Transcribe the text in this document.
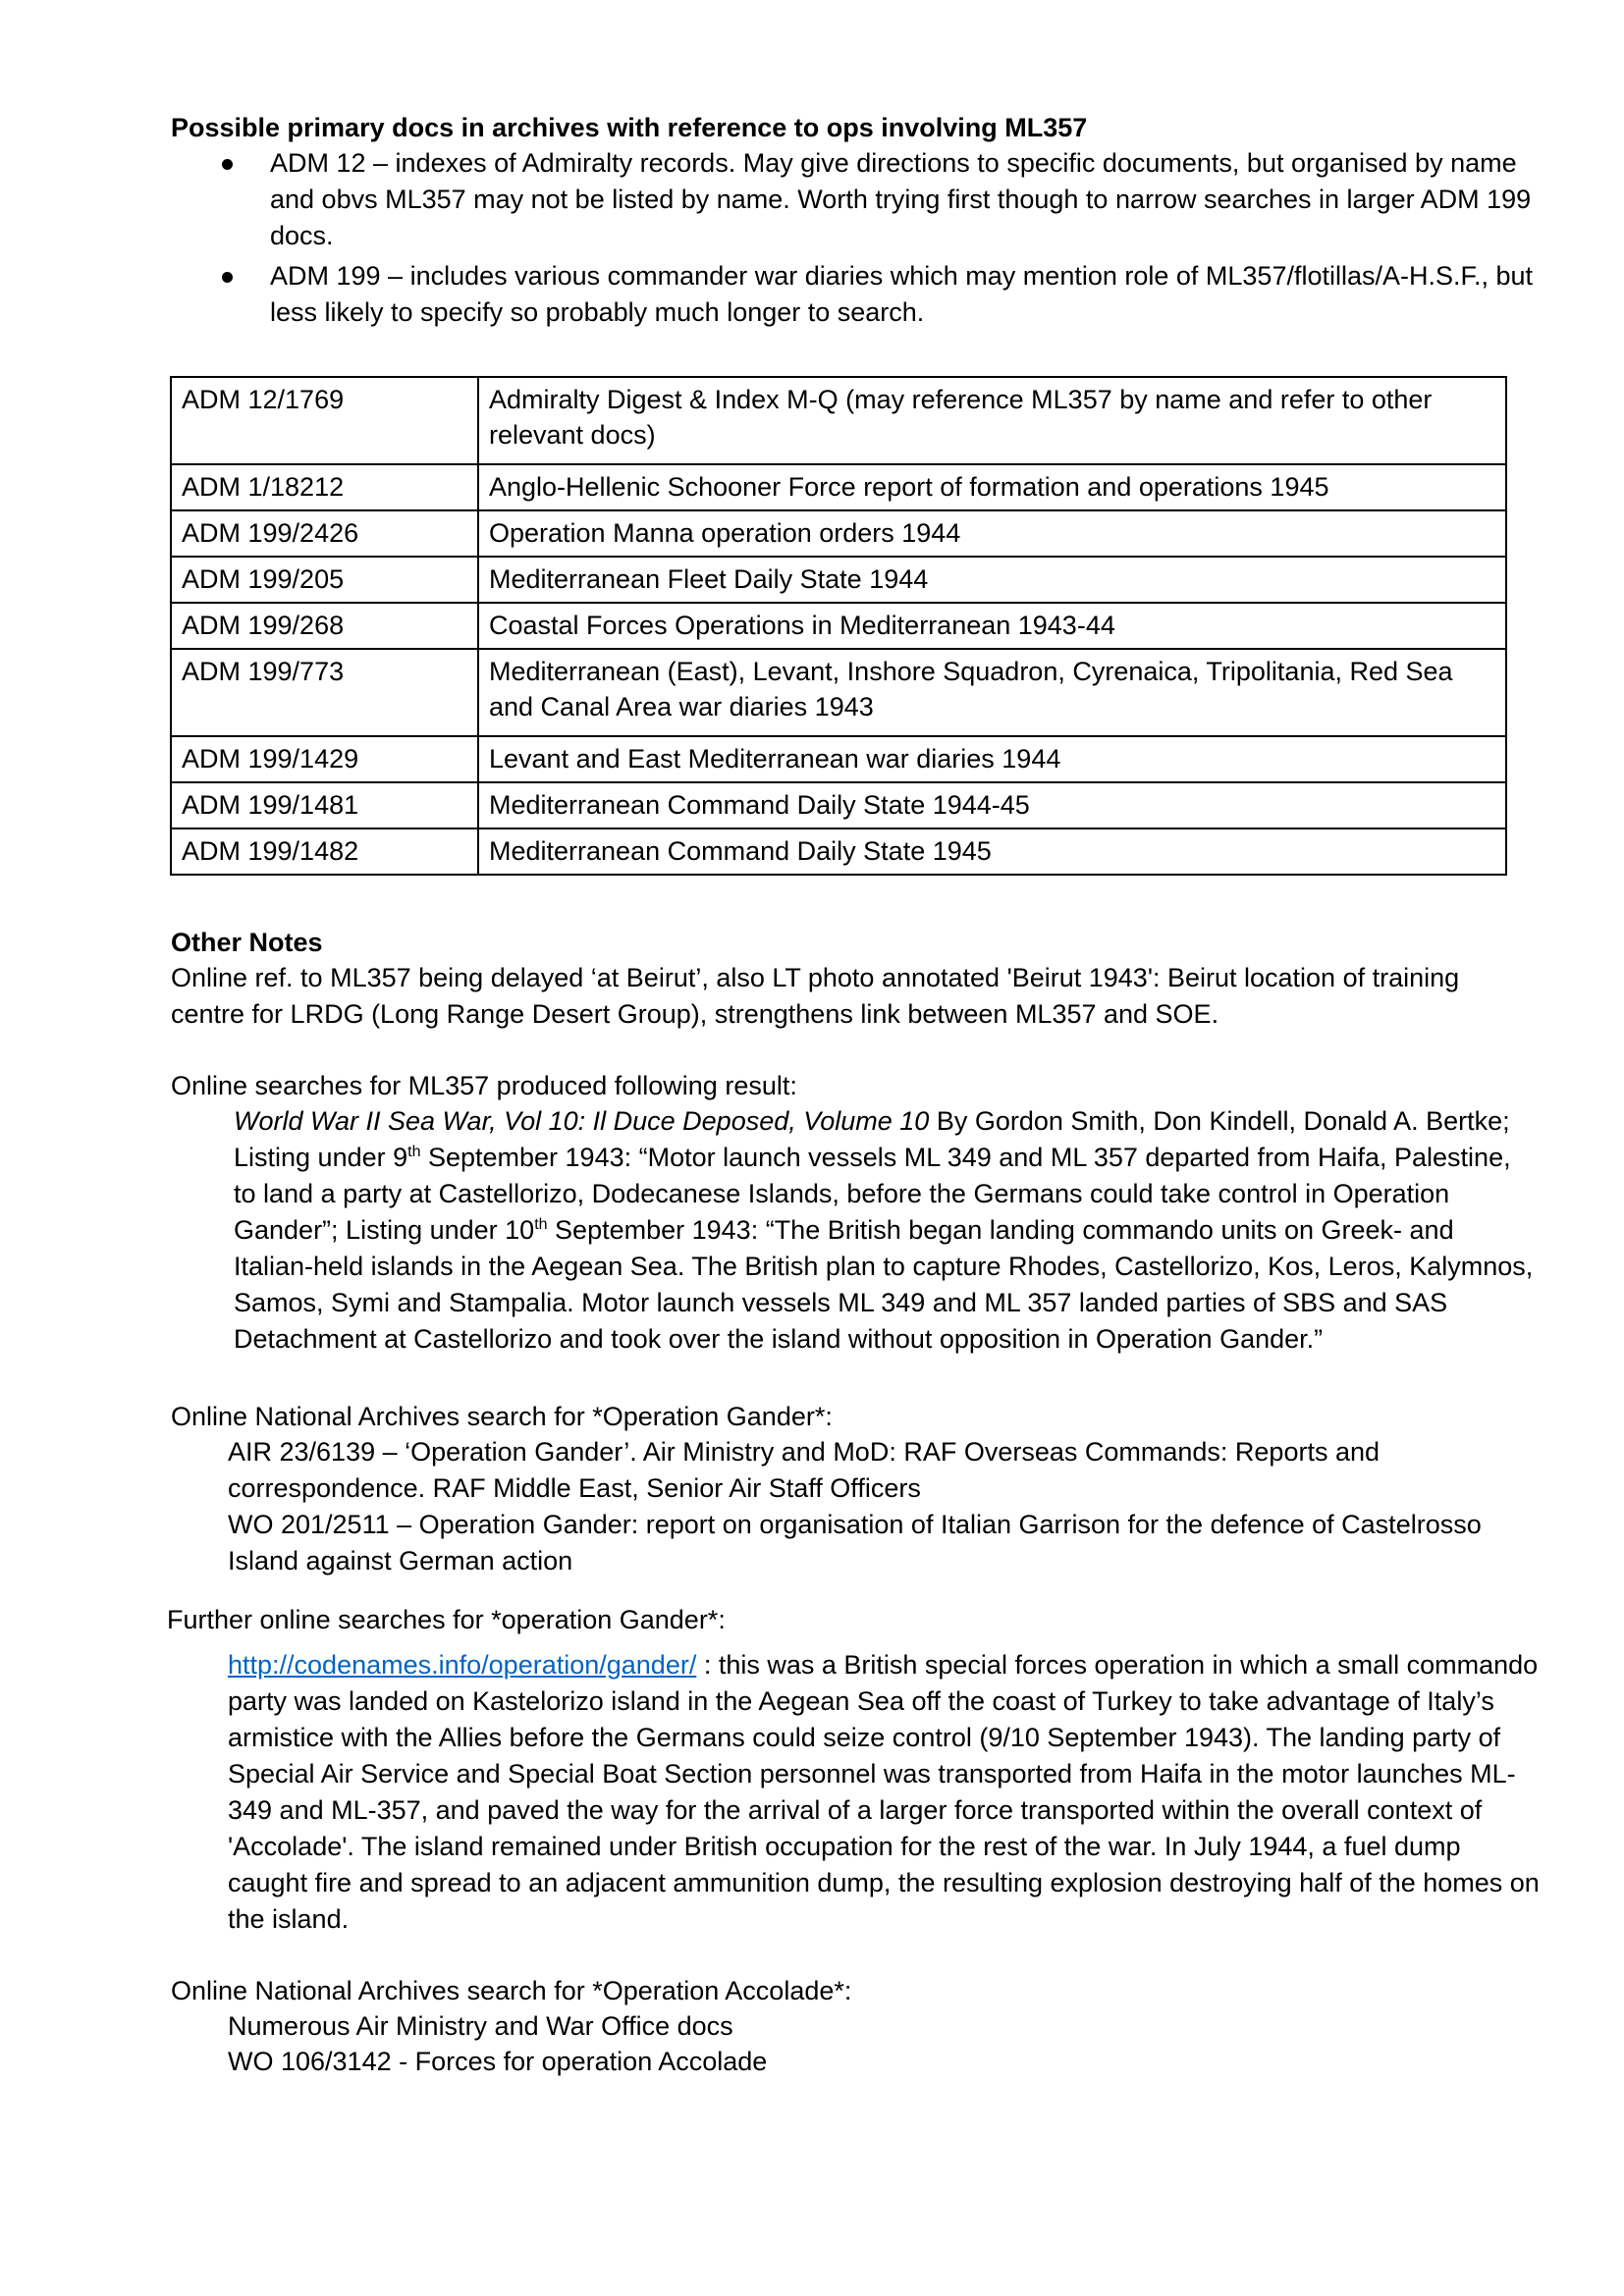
Possible primary docs in archives with reference to ops involving ML357
ADM 12 – indexes of Admiralty records. May give directions to specific documents, but organised by name and obvs ML357 may not be listed by name. Worth trying first though to narrow searches in larger ADM 199 docs.
ADM 199 – includes various commander war diaries which may mention role of ML357/flotillas/A-H.S.F., but less likely to specify so probably much longer to search.
ADM 12/1769	Admiralty Digest & Index M-Q (may reference ML357 by name and refer to other relevant docs)
ADM 1/18212	Anglo-Hellenic Schooner Force report of formation and operations 1945
ADM 199/2426	Operation Manna operation orders 1944
ADM 199/205	Mediterranean Fleet Daily State 1944
ADM 199/268	Coastal Forces Operations in Mediterranean 1943-44
ADM 199/773	Mediterranean (East), Levant, Inshore Squadron, Cyrenaica, Tripolitania, Red Sea and Canal Area war diaries 1943
ADM 199/1429	Levant and East Mediterranean war diaries 1944
ADM 199/1481	Mediterranean Command Daily State 1944-45
ADM 199/1482	Mediterranean Command Daily State 1945
Other Notes
Online ref. to ML357 being delayed ‘at Beirut’, also LT photo annotated 'Beirut 1943': Beirut location of training centre for LRDG (Long Range Desert Group), strengthens link between ML357 and SOE.
Online searches for ML357 produced following result:
World War II Sea War, Vol 10: Il Duce Deposed, Volume 10 By Gordon Smith, Don Kindell, Donald A. Bertke; Listing under 9th September 1943: “Motor launch vessels ML 349 and ML 357 departed from Haifa, Palestine, to land a party at Castellorizo, Dodecanese Islands, before the Germans could take control in Operation Gander”; Listing under 10th September 1943: “The British began landing commando units on Greek- and Italian-held islands in the Aegean Sea. The British plan to capture Rhodes, Castellorizo, Kos, Leros, Kalymnos, Samos, Symi and Stampalia. Motor launch vessels ML 349 and ML 357 landed parties of SBS and SAS Detachment at Castellorizo and took over the island without opposition in Operation Gander.”
Online National Archives search for *Operation Gander*:
AIR 23/6139 – ‘Operation Gander’. Air Ministry and MoD: RAF Overseas Commands: Reports and correspondence. RAF Middle East, Senior Air Staff Officers
WO 201/2511 – Operation Gander: report on organisation of Italian Garrison for the defence of Castelrosso Island against German action
Further online searches for *operation Gander*:
http://codenames.info/operation/gander/ : this was a British special forces operation in which a small commando party was landed on Kastelorizo island in the Aegean Sea off the coast of Turkey to take advantage of Italy’s armistice with the Allies before the Germans could seize control (9/10 September 1943). The landing party of Special Air Service and Special Boat Section personnel was transported from Haifa in the motor launches ML-349 and ML-357, and paved the way for the arrival of a larger force transported within the overall context of 'Accolade'. The island remained under British occupation for the rest of the war. In July 1944, a fuel dump caught fire and spread to an adjacent ammunition dump, the resulting explosion destroying half of the homes on the island.
Online National Archives search for *Operation Accolade*:
Numerous Air Ministry and War Office docs
WO 106/3142 - Forces for operation Accolade
